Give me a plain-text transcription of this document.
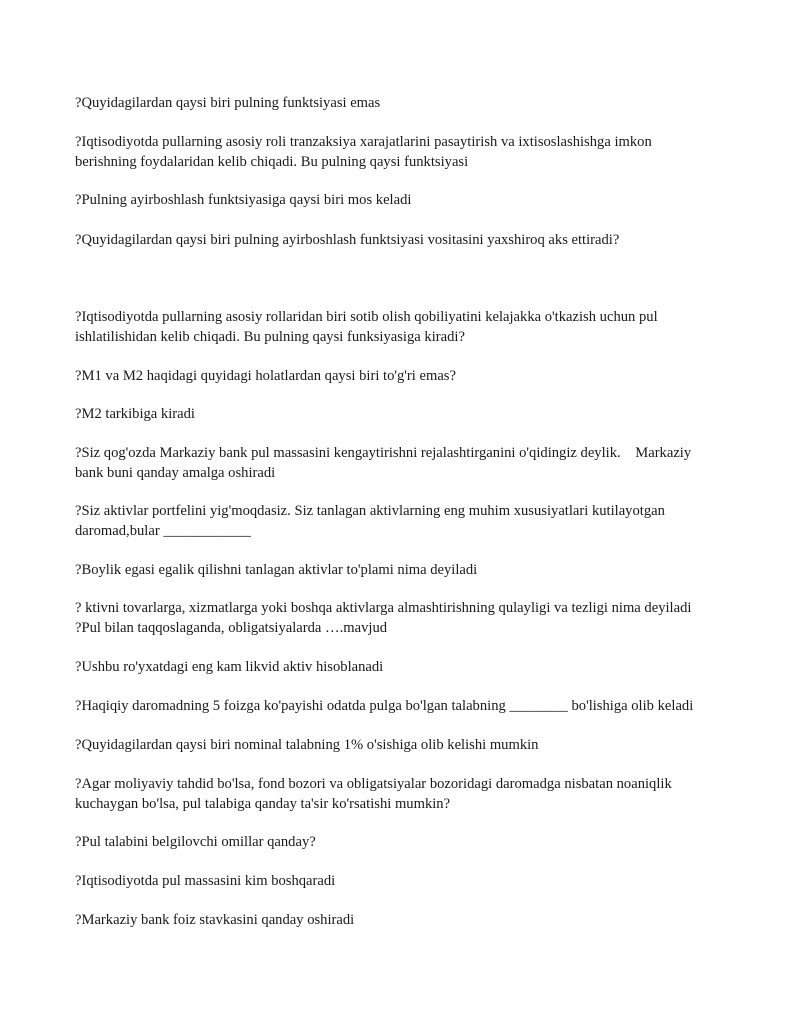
?Quyidagilardan qaysi biri pulning funktsiyasi emas

?Iqtisodiyotda pullarning asosiy roli tranzaksiya xarajatlarini pasaytirish va ixtisoslashishga imkon
berishning foydalaridan kelib chiqadi. Bu pulning qaysi funktsiyasi

?Pulning ayirboshlash funktsiyasiga qaysi biri mos keladi

?Quyidagilardan qaysi biri pulning ayirboshlash funktsiyasi vositasini yaxshiroq aks ettiradi?

?Iqtisodiyotda pullarning asosiy rollaridan biri sotib olish qobiliyatini kelajakka o'tkazish uchun pul
ishlatilishidan kelib chiqadi. Bu pulning qaysi funksiyasiga kiradi?

?M1 va M2 haqidagi quyidagi holatlardan qaysi biri to'g'ri emas?

?M2 tarkibiga kiradi

?Siz qog'ozda Markaziy bank pul massasini kengaytirishni rejalashtirganini o'qidingiz deylik.    Markaziy
bank buni qanday amalga oshiradi

?Siz aktivlar portfelini yig'moqdasiz. Siz tanlagan aktivlarning eng muhim xususiyatlari kutilayotgan
daromad,bular ____________

?Boylik egasi egalik qilishni tanlagan aktivlar to'plami nima deyiladi

? ktivni tovarlarga, xizmatlarga yoki boshqa aktivlarga almashtirishning qulayligi va tezligi nima deyiladi
?Pul bilan taqqoslaganda, obligatsiyalarda ….mavjud

?Ushbu ro'yxatdagi eng kam likvid aktiv hisoblanadi

?Haqiqiy daromadning 5 foizga ko'payishi odatda pulga bo'lgan talabning ________ bo'lishiga olib keladi

?Quyidagilardan qaysi biri nominal talabning 1% o'sishiga olib kelishi mumkin

?Agar moliyaviy tahdid bo'lsa, fond bozori va obligatsiyalar bozoridagi daromadga nisbatan noaniqlik
kuchaygan bo'lsa, pul talabiga qanday ta'sir ko'rsatishi mumkin?

?Pul talabini belgilovchi omillar qanday?

?Iqtisodiyotda pul massasini kim boshqaradi

?Markaziy bank foiz stavkasini qanday oshiradi
